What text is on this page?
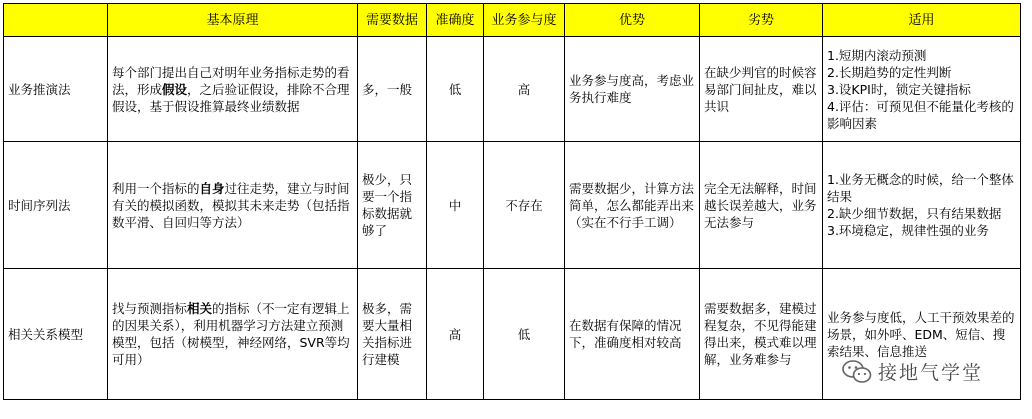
	基本原理	需要数据	准确度	业务参与度	优势	劣势	适用
业务推演法	每个部门提出自己对明年业务指标走势的看法，形成假设，之后验证假设，排除不合理假设，基于假设推算最终业绩数据	多，一般	低	高	业务参与度高，考虑业务执行难度	在缺少判官的时候容易部门间扯皮，难以共识	1.短期内滚动预测
2.长期趋势的定性判断
3.设KPI时，锁定关键指标
4.评估：可预见但不能量化考核的影响因素

时间序列法	利用一个指标的自身过往走势，建立与时间有关的模拟函数，模拟其未来走势（包括指数平滑、自回归等方法）	极少，只要一个指标数据就够了	中	不存在	需要数据少，计算方法简单，怎么都能弄出来（实在不行手工调）	完全无法解释，时间越长误差越大，业务无法参与	1.业务无概念的时候，给一个整体结果
2.缺少细节数据，只有结果数据
3.环境稳定，规律性强的业务

相关关系模型	找与预测指标相关的指标（不一定有逻辑上的因果关系），利用机器学习方法建立预测模型，包括（树模型，神经网络，SVR等均可用）	极多，需要大量相关指标进行建模	高	低	在数据有保障的情况下，准确度相对较高	需要数据多，建模过程复杂，不见得能建得出来，模式难以理解，业务难参与	业务参与度低，人工干预效果差的场景，如外呼、EDM、短信、搜索结果、信息推送
接地气学堂
